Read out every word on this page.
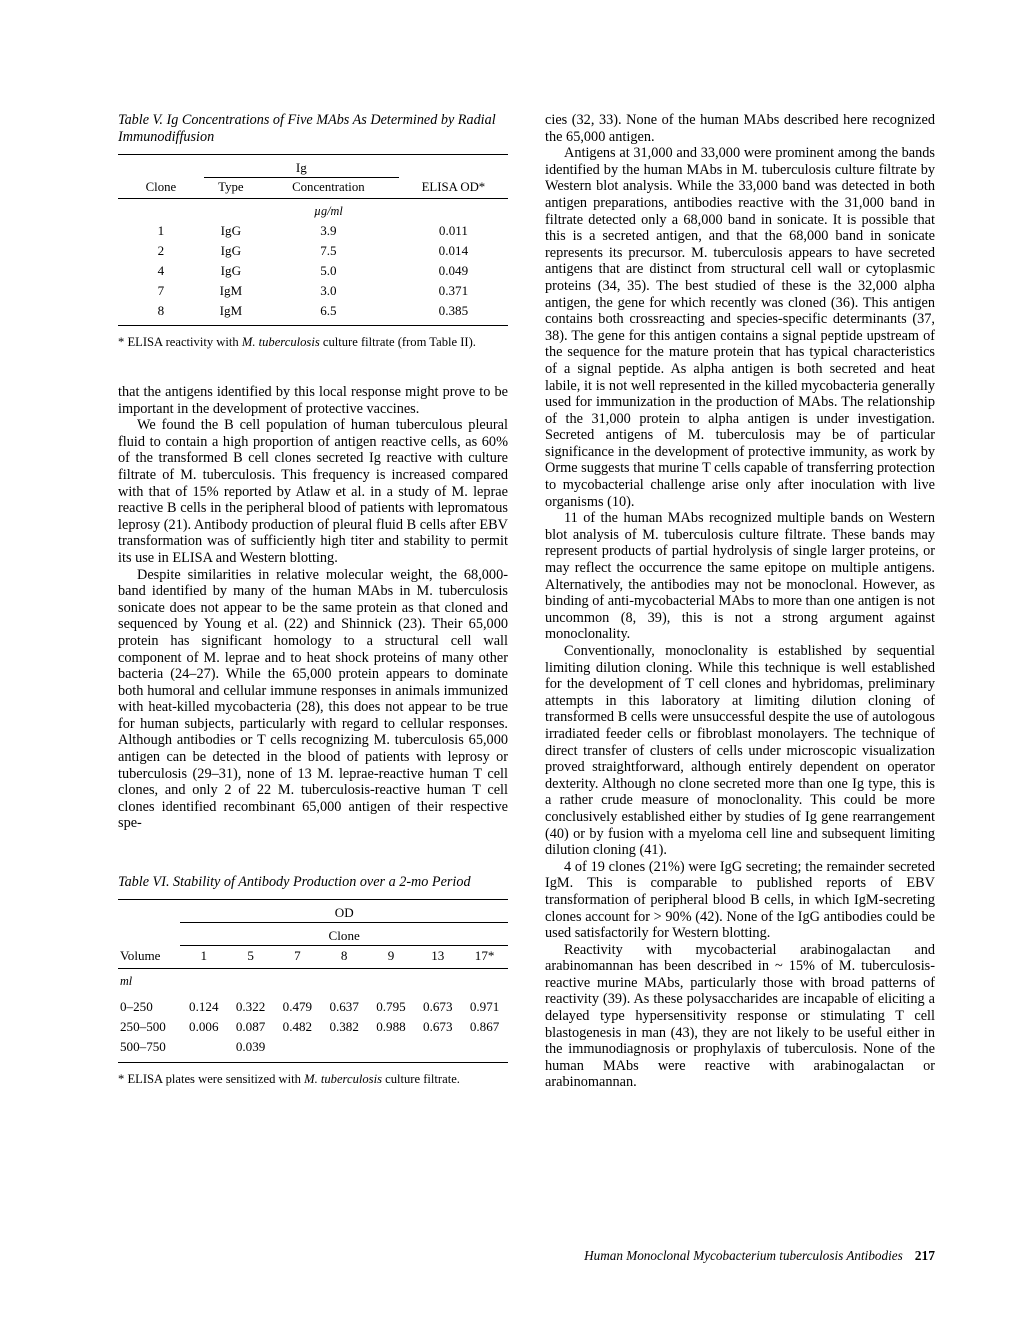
Table V. Ig Concentrations of Five MAbs As Determined by Radial Immunodiffusion
	Ig		
Clone	Type	Concentration	ELISA OD*
		µg/ml	
1	IgG	3.9	0.011
2	IgG	7.5	0.014
4	IgG	5.0	0.049
7	IgM	3.0	0.371
8	IgM	6.5	0.385
* ELISA reactivity with M. tuberculosis culture filtrate (from Table II).

that the antigens identified by this local response might prove to be important in the development of protective vaccines.

We found the B cell population of human tuberculous pleural fluid to contain a high proportion of antigen reactive cells, as 60% of the transformed B cell clones secreted Ig reactive with culture filtrate of M. tuberculosis. This frequency is increased compared with that of 15% reported by Atlaw et al. in a study of M. leprae reactive B cells in the peripheral blood of patients with lepromatous leprosy (21). Antibody production of pleural fluid B cells after EBV transformation was of sufficiently high titer and stability to permit its use in ELISA and Western blotting.

Despite similarities in relative molecular weight, the 68,000-band identified by many of the human MAbs in M. tuberculosis sonicate does not appear to be the same protein as that cloned and sequenced by Young et al. (22) and Shinnick (23). Their 65,000 protein has significant homology to a structural cell wall component of M. leprae and to heat shock proteins of many other bacteria (24–27). While the 65,000 protein appears to dominate both humoral and cellular immune responses in animals immunized with heat-killed mycobacteria (28), this does not appear to be true for human subjects, particularly with regard to cellular responses. Although antibodies or T cells recognizing M. tuberculosis 65,000 antigen can be detected in the blood of patients with leprosy or tuberculosis (29–31), none of 13 M. leprae-reactive human T cell clones, and only 2 of 22 M. tuberculosis-reactive human T cell clones identified recombinant 65,000 antigen of their respective spe-

Table VI. Stability of Antibody Production over a 2-mo Period
	OD						
	Clone						
Volume	1	5	7	8	9	13	17*
ml							
0–250	0.124	0.322	0.479	0.637	0.795	0.673	0.971
250–500	0.006	0.087	0.482	0.382	0.988	0.673	0.867
500–750		0.039					
* ELISA plates were sensitized with M. tuberculosis culture filtrate.

cies (32, 33). None of the human MAbs described here recognized the 65,000 antigen.

Antigens at 31,000 and 33,000 were prominent among the bands identified by the human MAbs in M. tuberculosis culture filtrate by Western blot analysis. While the 33,000 band was detected in both antigen preparations, antibodies reactive with the 31,000 band in filtrate detected only a 68,000 band in sonicate. It is possible that this is a secreted antigen, and that the 68,000 band in sonicate represents its precursor. M. tuberculosis appears to have secreted antigens that are distinct from structural cell wall or cytoplasmic proteins (34, 35). The best studied of these is the 32,000 alpha antigen, the gene for which recently was cloned (36). This antigen contains both crossreacting and species-specific determinants (37, 38). The gene for this antigen contains a signal peptide upstream of the sequence for the mature protein that has typical characteristics of a signal peptide. As alpha antigen is both secreted and heat labile, it is not well represented in the killed mycobacteria generally used for immunization in the production of MAbs. The relationship of the 31,000 protein to alpha antigen is under investigation. Secreted antigens of M. tuberculosis may be of particular significance in the development of protective immunity, as work by Orme suggests that murine T cells capable of transferring protection to mycobacterial challenge arise only after inoculation with live organisms (10).

11 of the human MAbs recognized multiple bands on Western blot analysis of M. tuberculosis culture filtrate. These bands may represent products of partial hydrolysis of single larger proteins, or may reflect the occurrence the same epitope on multiple antigens. Alternatively, the antibodies may not be monoclonal. However, as binding of anti-mycobacterial MAbs to more than one antigen is not uncommon (8, 39), this is not a strong argument against monoclonality.

Conventionally, monoclonality is established by sequential limiting dilution cloning. While this technique is well established for the development of T cell clones and hybridomas, preliminary attempts in this laboratory at limiting dilution cloning of transformed B cells were unsuccessful despite the use of autologous irradiated feeder cells or fibroblast monolayers. The technique of direct transfer of clusters of cells under microscopic visualization proved straightforward, although entirely dependent on operator dexterity. Although no clone secreted more than one Ig type, this is a rather crude measure of monoclonality. This could be more conclusively established either by studies of Ig gene rearrangement (40) or by fusion with a myeloma cell line and subsequent limiting dilution cloning (41).

4 of 19 clones (21%) were IgG secreting; the remainder secreted IgM. This is comparable to published reports of EBV transformation of peripheral blood B cells, in which IgM-secreting clones account for > 90% (42). None of the IgG antibodies could be used satisfactorily for Western blotting.

Reactivity with mycobacterial arabinogalactan and arabinomannan has been described in ~ 15% of M. tuberculosis-reactive murine MAbs, particularly those with broad patterns of reactivity (39). As these polysaccharides are incapable of eliciting a delayed type hypersensitivity response or stimulating T cell blastogenesis in man (43), they are not likely to be useful either in the immunodiagnosis or prophylaxis of tuberculosis. None of the human MAbs were reactive with arabinogalactan or arabinomannan.

Human Monoclonal Mycobacterium tuberculosis Antibodies 217
